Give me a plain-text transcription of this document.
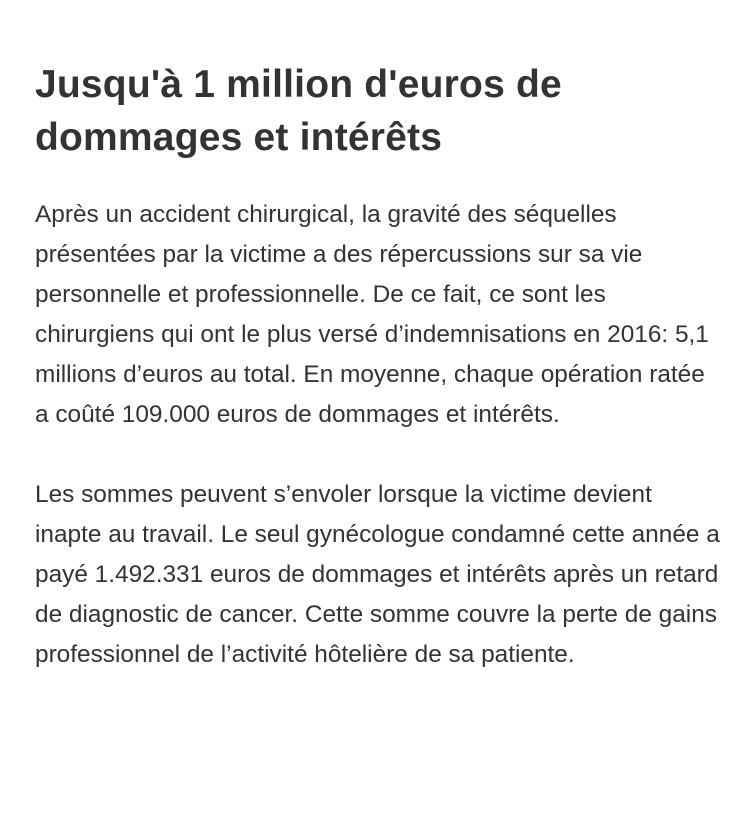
Jusqu'à 1 million d'euros de dommages et intérêts

Après un accident chirurgical, la gravité des séquelles présentées par la victime a des répercussions sur sa vie personnelle et professionnelle. De ce fait, ce sont les chirurgiens qui ont le plus versé d’indemnisations en 2016: 5,1 millions d’euros au total. En moyenne, chaque opération ratée a coûté 109.000 euros de dommages et intérêts.

Les sommes peuvent s’envoler lorsque la victime devient inapte au travail. Le seul gynécologue condamné cette année a payé 1.492.331 euros de dommages et intérêts après un retard de diagnostic de cancer. Cette somme couvre la perte de gains professionnel de l’activité hôtelière de sa patiente.
